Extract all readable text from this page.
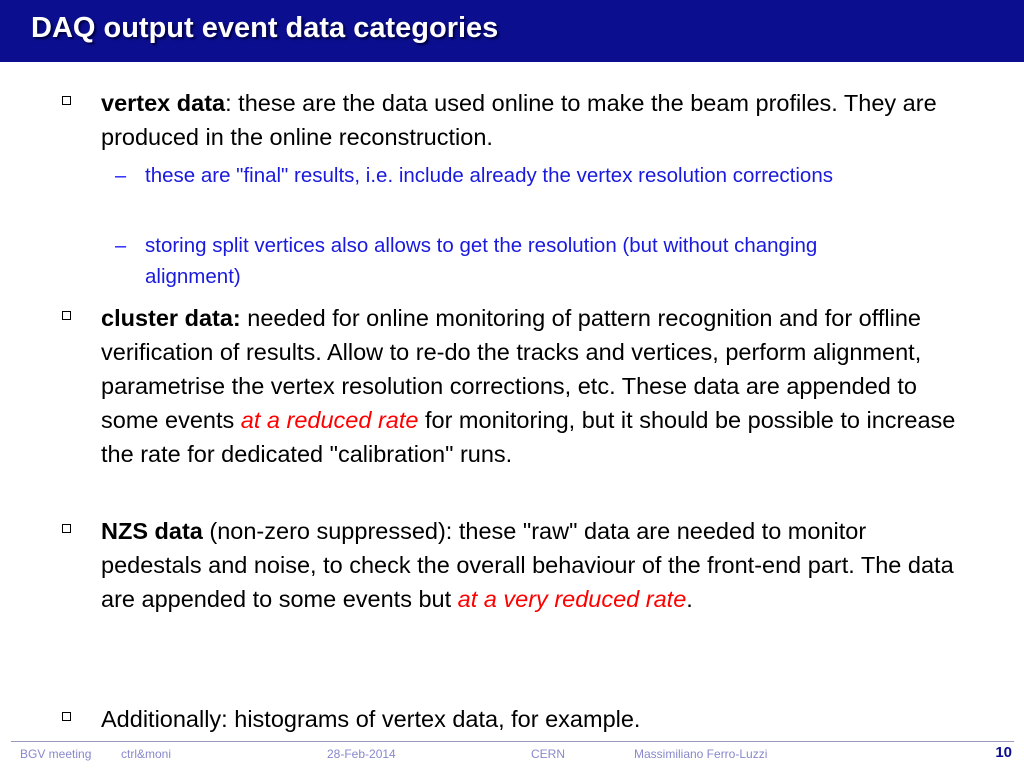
DAQ output event data categories
vertex data: these are the data used online to make the beam profiles. They are produced in the online reconstruction.
– these are "final" results, i.e. include already the vertex resolution corrections
– storing split vertices also allows to get the resolution (but without changing alignment)
cluster data: needed for online monitoring of pattern recognition and for offline verification of results. Allow to re-do the tracks and vertices, perform alignment, parametrise the vertex resolution corrections, etc. These data are appended to some events at a reduced rate for monitoring, but it should be possible to increase the rate for dedicated "calibration" runs.
NZS data (non-zero suppressed): these "raw" data are needed to monitor pedestals and noise, to check the overall behaviour of the front-end part. The data are appended to some events but at a very reduced rate.
Additionally: histograms of vertex data, for example.
BGV meeting ctrl&moni	28-Feb-2014	CERN	Massimiliano Ferro-Luzzi	10
